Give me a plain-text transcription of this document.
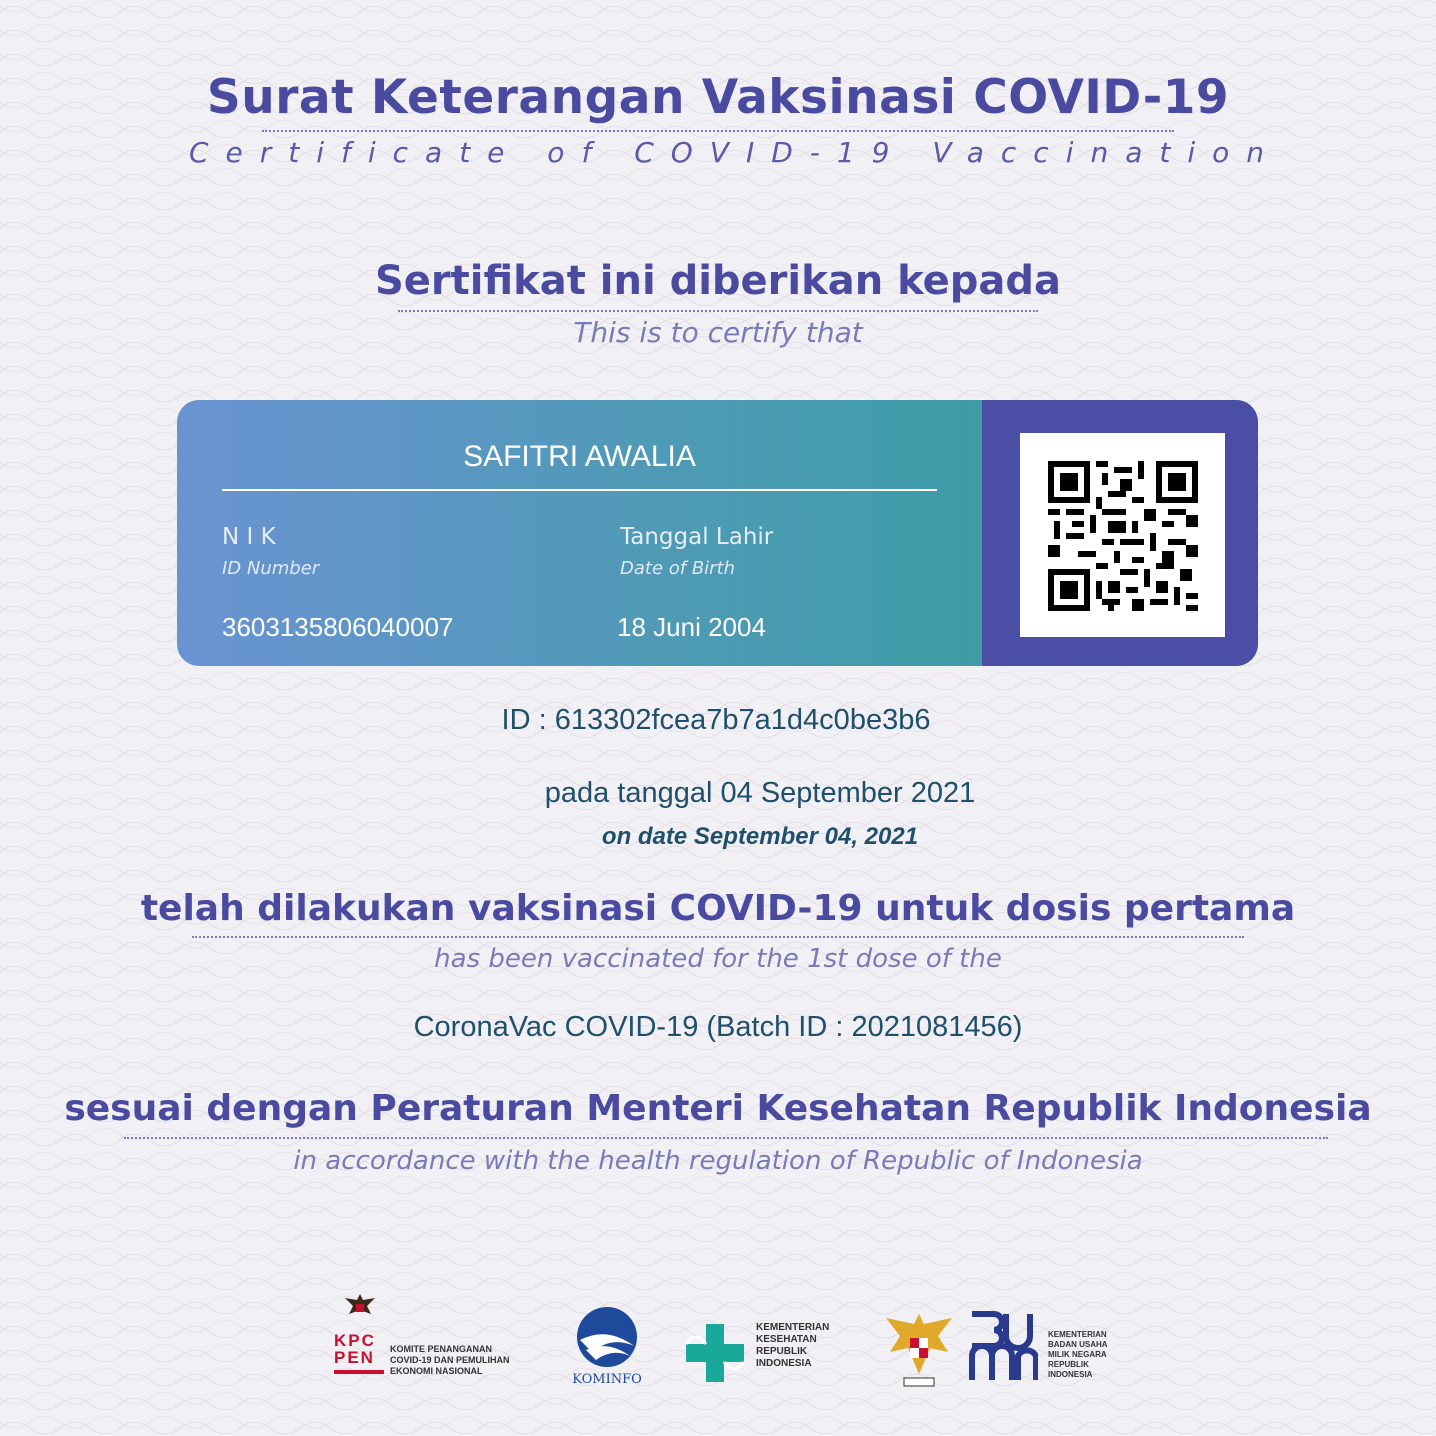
Surat Keterangan Vaksinasi COVID-19
Certificate of COVID-19 Vaccination
Sertifikat ini diberikan kepada
This is to certify that
SAFITRI AWALIA
N I K
ID Number
3603135806040007
Tanggal Lahir
Date of Birth
18 Juni 2004
ID : 613302fcea7b7a1d4c0be3b6
pada tanggal 04 September 2021
on date September 04, 2021
telah dilakukan vaksinasi COVID-19 untuk dosis pertama
has been vaccinated for the 1st dose of the
CoronaVac COVID-19 (Batch ID : 2021081456)
sesuai dengan Peraturan Menteri Kesehatan Republik Indonesia
in accordance with the health regulation of Republic of Indonesia
KPC
PEN	KOMITE PENANGANAN
COVID-19 DAN PEMULIHAN
EKONOMI NASIONAL
KOMINFO
KEMENTERIAN
KESEHATAN
REPUBLIK
INDONESIA
KEMENTERIAN
BADAN USAHA
MILIK NEGARA
REPUBLIK
INDONESIA
